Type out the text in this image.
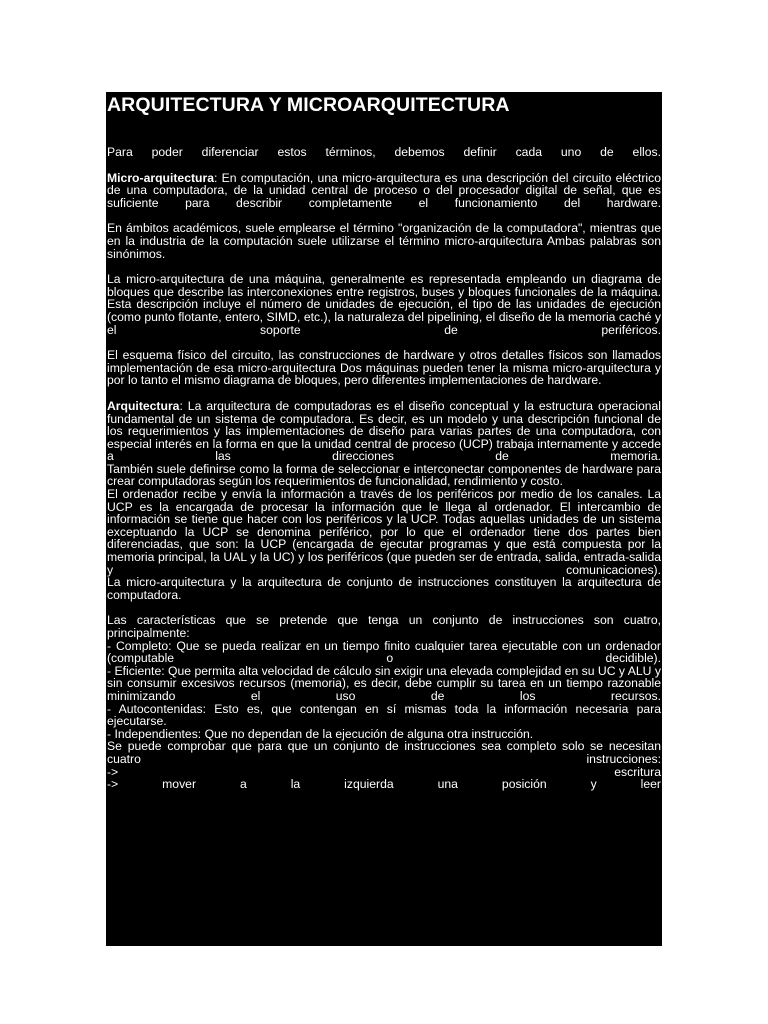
ARQUITECTURA Y MICROARQUITECTURA

Para poder diferenciar estos términos, debemos definir cada uno de ellos.

Micro-arquitectura: En computación, una micro-arquitectura es una descripción del circuito eléctrico de una computadora, de la unidad central de proceso o del procesador digital de señal, que es suficiente para describir completamente el funcionamiento del hardware.

En ámbitos académicos, suele emplearse el término "organización de la computadora", mientras que en la industria de la computación suele utilizarse el término micro-arquitectura Ambas palabras son sinónimos.

La micro-arquitectura de una máquina, generalmente es representada empleando un diagrama de bloques que describe las interconexiones entre registros, buses y bloques funcionales de la máquina. Esta descripción incluye el número de unidades de ejecución, el tipo de las unidades de ejecución (como punto flotante, entero, SIMD, etc.), la naturaleza del pipelining, el diseño de la memoria caché y el soporte de periféricos.

El esquema físico del circuito, las construcciones de hardware y otros detalles físicos son llamados implementación de esa micro-arquitectura Dos máquinas pueden tener la misma micro-arquitectura y por lo tanto el mismo diagrama de bloques, pero diferentes implementaciones de hardware.

Arquitectura: La arquitectura de computadoras es el diseño conceptual y la estructura operacional fundamental de un sistema de computadora. Es decir, es un modelo y una descripción funcional de los requerimientos y las implementaciones de diseño para varias partes de una computadora, con especial interés en la forma en que la unidad central de proceso (UCP) trabaja internamente y accede a las direcciones de memoria.

También suele definirse como la forma de seleccionar e interconectar componentes de hardware para crear computadoras según los requerimientos de funcionalidad, rendimiento y costo.

El ordenador recibe y envía la información a través de los periféricos por medio de los canales. La UCP es la encargada de procesar la información que le llega al ordenador. El intercambio de información se tiene que hacer con los periféricos y la UCP. Todas aquellas unidades de un sistema exceptuando la UCP se denomina periférico, por lo que el ordenador tiene dos partes bien diferenciadas, que son: la UCP (encargada de ejecutar programas y que está compuesta por la memoria principal, la UAL y la UC) y los periféricos (que pueden ser de entrada, salida, entrada-salida y comunicaciones).

La micro-arquitectura y la arquitectura de conjunto de instrucciones constituyen la arquitectura de computadora.

Las características que se pretende que tenga un conjunto de instrucciones son cuatro, principalmente:

- Completo: Que se pueda realizar en un tiempo finito cualquier tarea ejecutable con un ordenador (computable o decidible).

- Eficiente: Que permita alta velocidad de cálculo sin exigir una elevada complejidad en su UC y ALU y sin consumir excesivos recursos (memoria), es decir, debe cumplir su tarea en un tiempo razonable minimizando el uso de los recursos.

- Autocontenidas: Esto es, que contengan en sí mismas toda la información necesaria para ejecutarse.

- Independientes: Que no dependan de la ejecución de alguna otra instrucción.

Se puede comprobar que para que un conjunto de instrucciones sea completo solo se necesitan cuatro instrucciones:

-> escritura

-> mover a la izquierda una posición y leer
